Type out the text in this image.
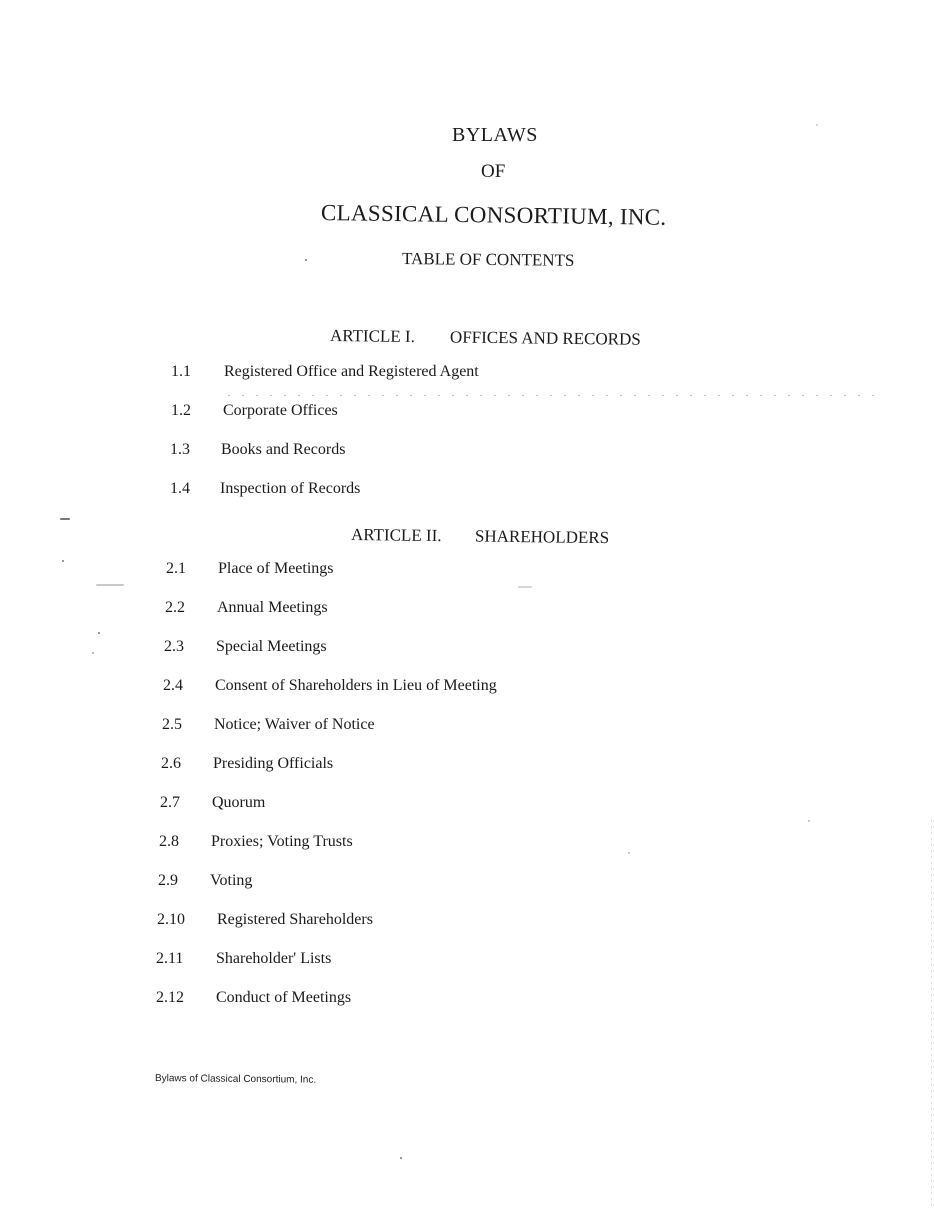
BYLAWS
OF
CLASSICAL CONSORTIUM, INC.
TABLE OF CONTENTS
ARTICLE I. OFFICES AND RECORDS
1.1 Registered Office and Registered Agent
1.2 Corporate Offices
1.3 Books and Records
1.4 Inspection of Records
ARTICLE II. SHAREHOLDERS
2.1 Place of Meetings
2.2 Annual Meetings
2.3 Special Meetings
2.4 Consent of Shareholders in Lieu of Meeting
2.5 Notice; Waiver of Notice
2.6 Presiding Officials
2.7 Quorum
2.8 Proxies; Voting Trusts
2.9 Voting
2.10 Registered Shareholders
2.11 Shareholder' Lists
2.12 Conduct of Meetings
Bylaws of Classical Consortium, Inc.
